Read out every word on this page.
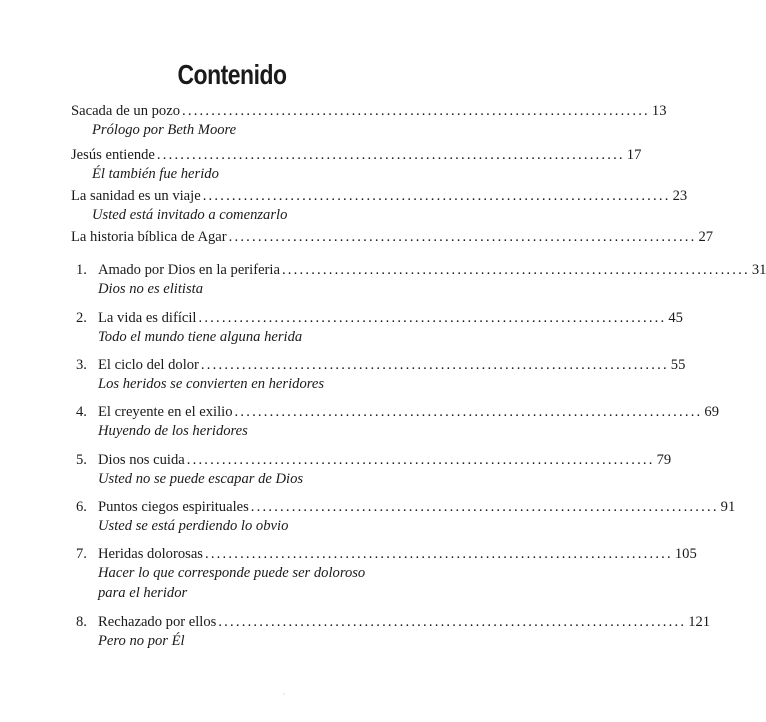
Contenido
Sacada de un pozo ................................................................................ 13
Prólogo por Beth Moore
Jesús entiende ................................................................................ 17
Él también fue herido
La sanidad es un viaje ................................................................................ 23
Usted está invitado a comenzarlo
La historia bíblica de Agar ................................................................................ 27
1. Amado por Dios en la periferia ................................................................................ 31
Dios no es elitista
2. La vida es difícil ................................................................................ 45
Todo el mundo tiene alguna herida
3. El ciclo del dolor ................................................................................ 55
Los heridos se convierten en heridores
4. El creyente en el exilio ................................................................................ 69
Huyendo de los heridores
5. Dios nos cuida ................................................................................ 79
Usted no se puede escapar de Dios
6. Puntos ciegos espirituales ................................................................................ 91
Usted se está perdiendo lo obvio
7. Heridas dolorosas ................................................................................ 105
Hacer lo que corresponde puede ser doloroso
para el heridor
8. Rechazado por ellos ................................................................................ 121
Pero no por Él
,
